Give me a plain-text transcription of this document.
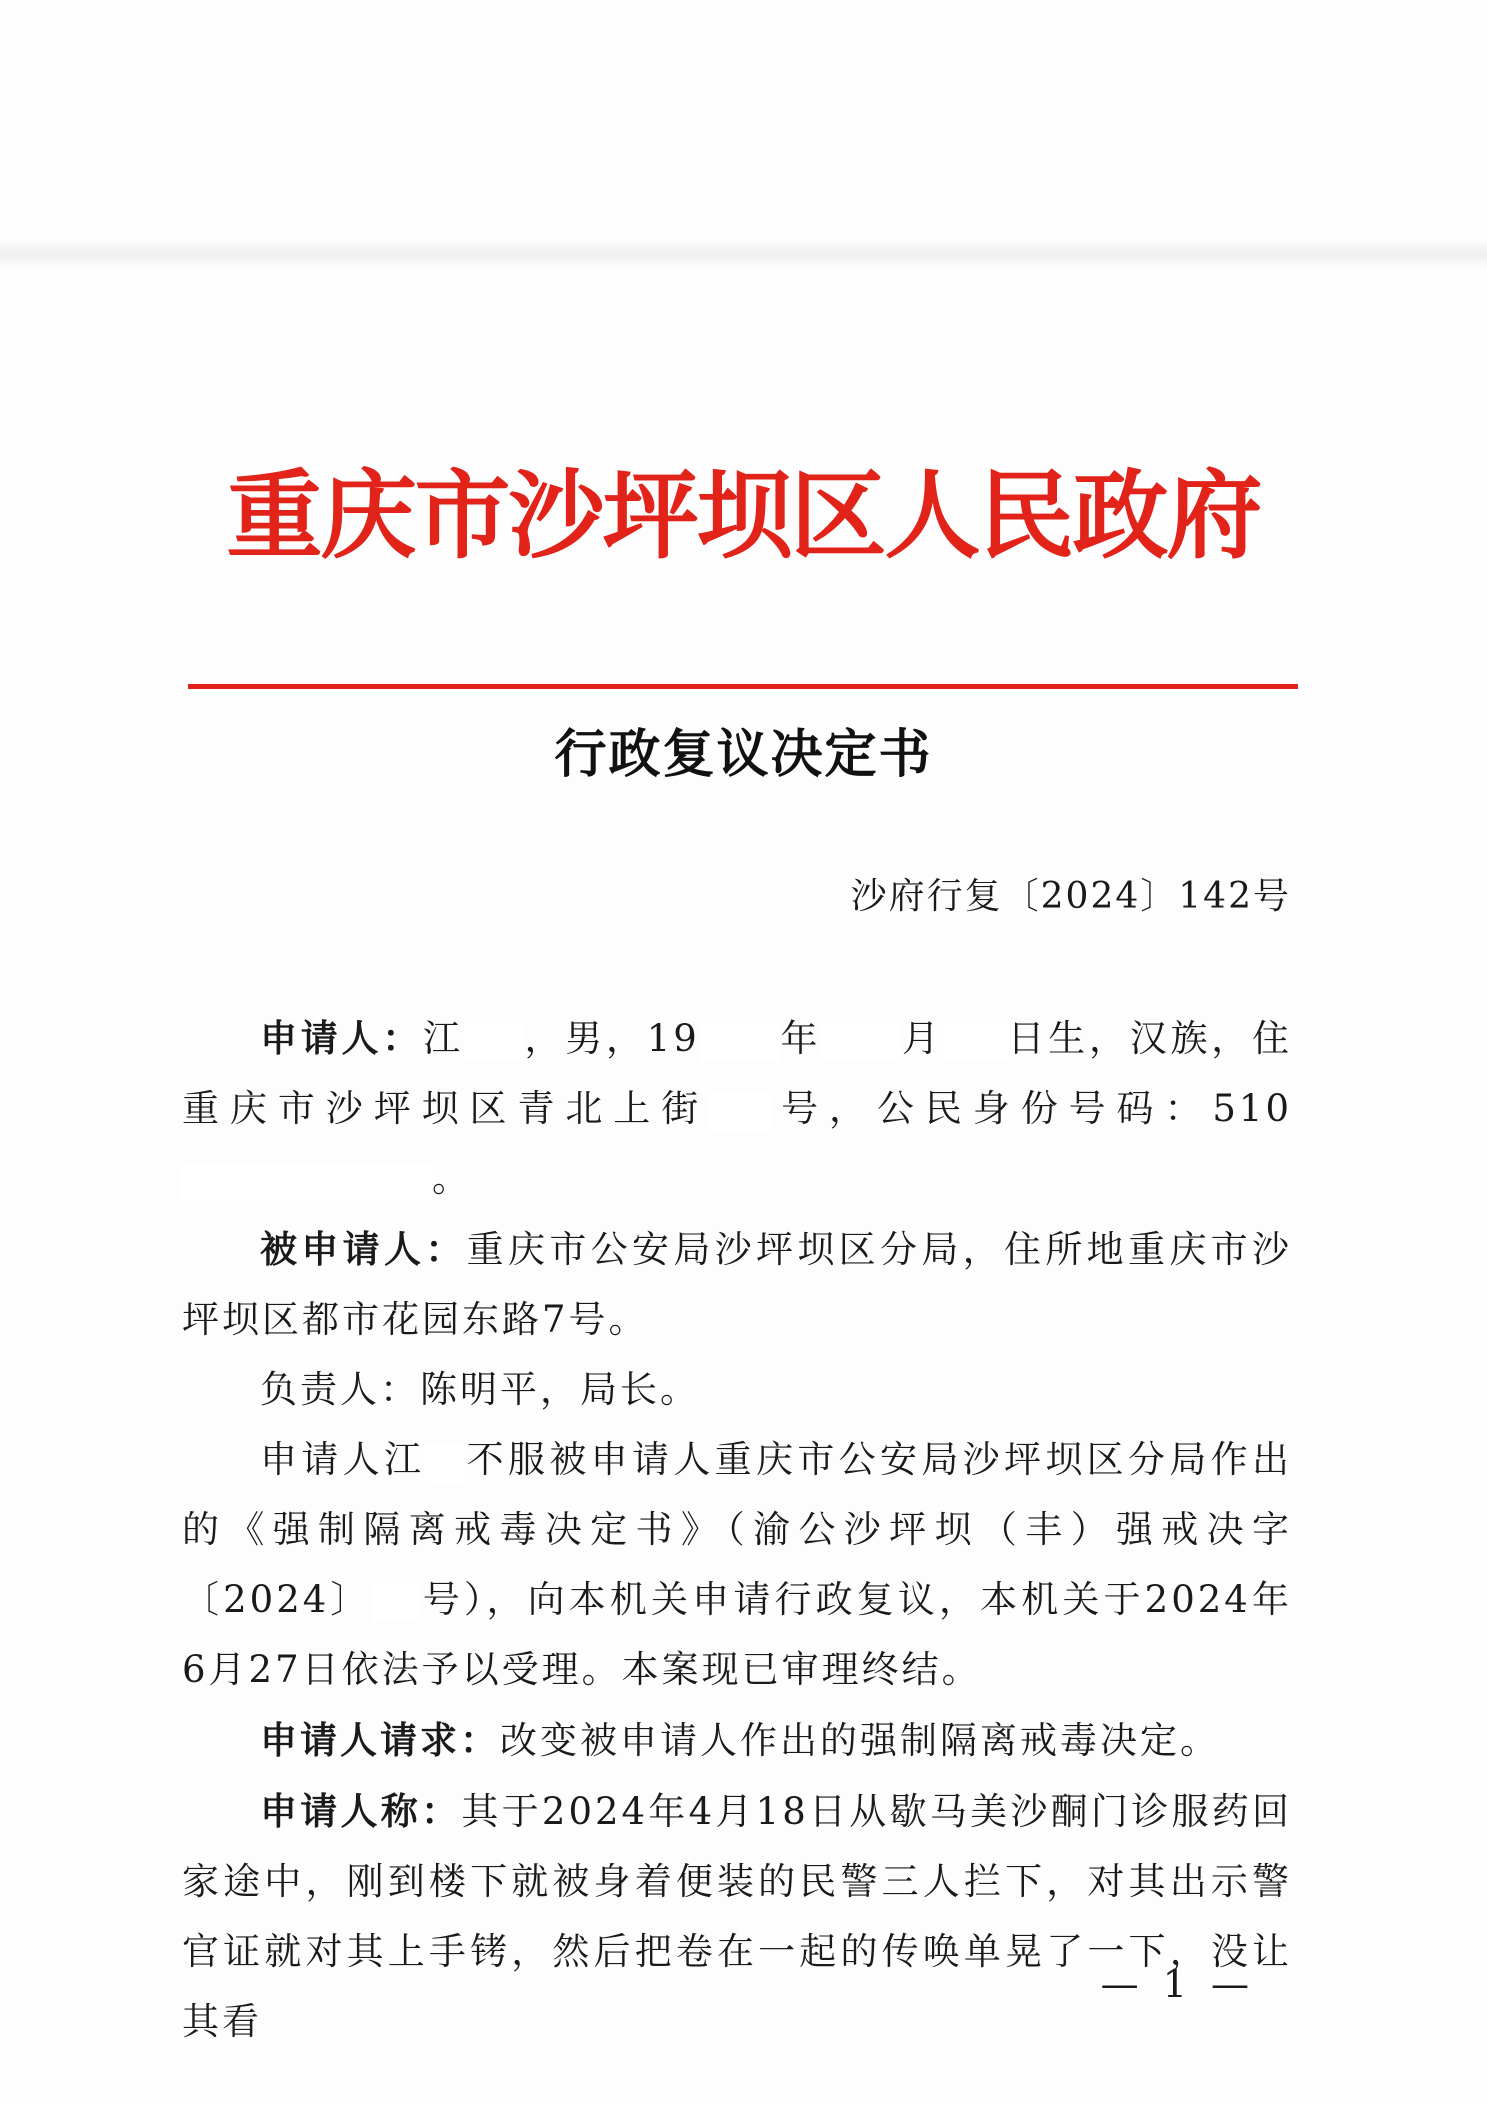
重庆市沙坪坝区人民政府
行政复议决定书
沙府行复〔2024〕142号

申请人：江 ，男，19 年 月 日生，汉族，住重庆市沙坪坝区青北上街 号，公民身份号码：510。

被申请人：重庆市公安局沙坪坝区分局，住所地重庆市沙坪坝区都市花园东路7号。

负责人：陈明平，局长。

申请人江 不服被申请人重庆市公安局沙坪坝区分局作出的《强制隔离戒毒决定书》（渝公沙坪坝（丰）强戒决字〔2024〕 号），向本机关申请行政复议，本机关于2024年6月27日依法予以受理。本案现已审理终结。

申请人请求：改变被申请人作出的强制隔离戒毒决定。

申请人称：其于2024年4月18日从歇马美沙酮门诊服药回家途中，刚到楼下就被身着便装的民警三人拦下，对其出示警官证就对其上手铐，然后把卷在一起的传唤单晃了一下，没让其看

— 1 —
